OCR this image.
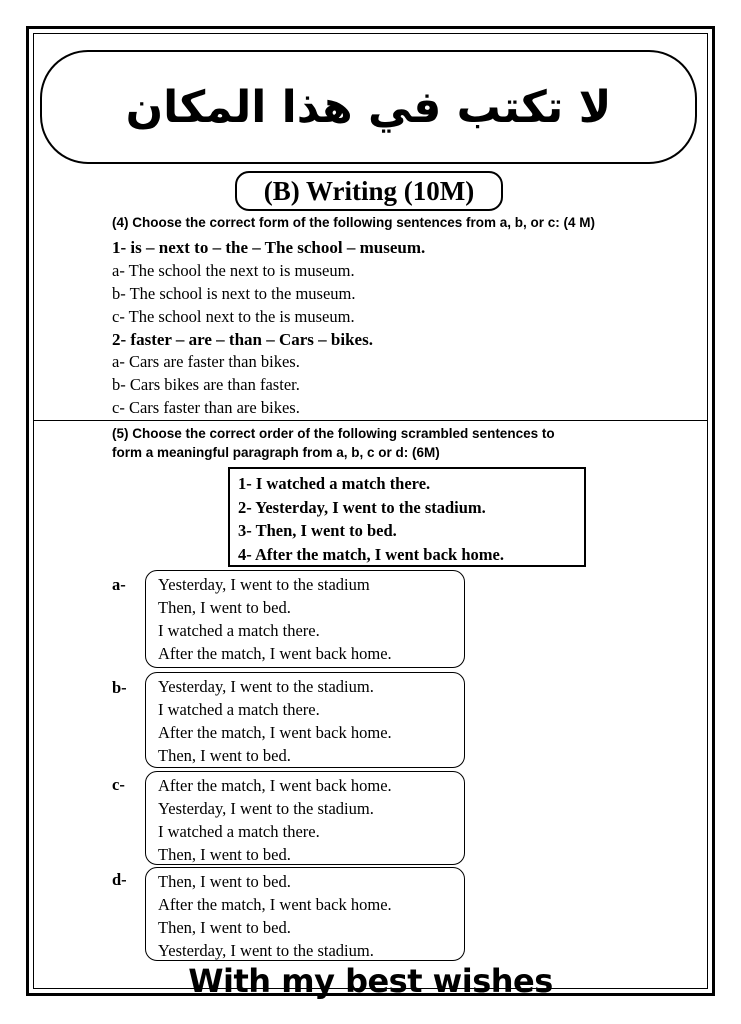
لا تكتب في هذا المكان
(B) Writing (10M)
(4) Choose the correct form of the following sentences from a, b, or c: (4 M)
1- is – next to – the – The school – museum.
a- The school the next to is museum.
b- The school is next to the museum.
c- The school next to the is museum.
2- faster – are – than – Cars – bikes.
a- Cars are faster than bikes.
b- Cars bikes are than faster.
c- Cars faster than are bikes.
(5) Choose the correct order of the following scrambled sentences to
form a meaningful paragraph from a, b, c or d: (6M)
1- I watched a match there.
2- Yesterday, I went to the stadium.
3- Then, I went to bed.
4- After the match, I went back home.
a- Yesterday, I went to the stadium
Then, I went to bed.
I watched a match there.
After the match, I went back home.
b- Yesterday, I went to the stadium.
I watched a match there.
After the match, I went back home.
Then, I went to bed.
c- After the match, I went back home.
Yesterday, I went to the stadium.
I watched a match there.
Then, I went to bed.
d- Then, I went to bed.
After the match, I went back home.
Then, I went to bed.
Yesterday, I went to the stadium.
With my best wishes
